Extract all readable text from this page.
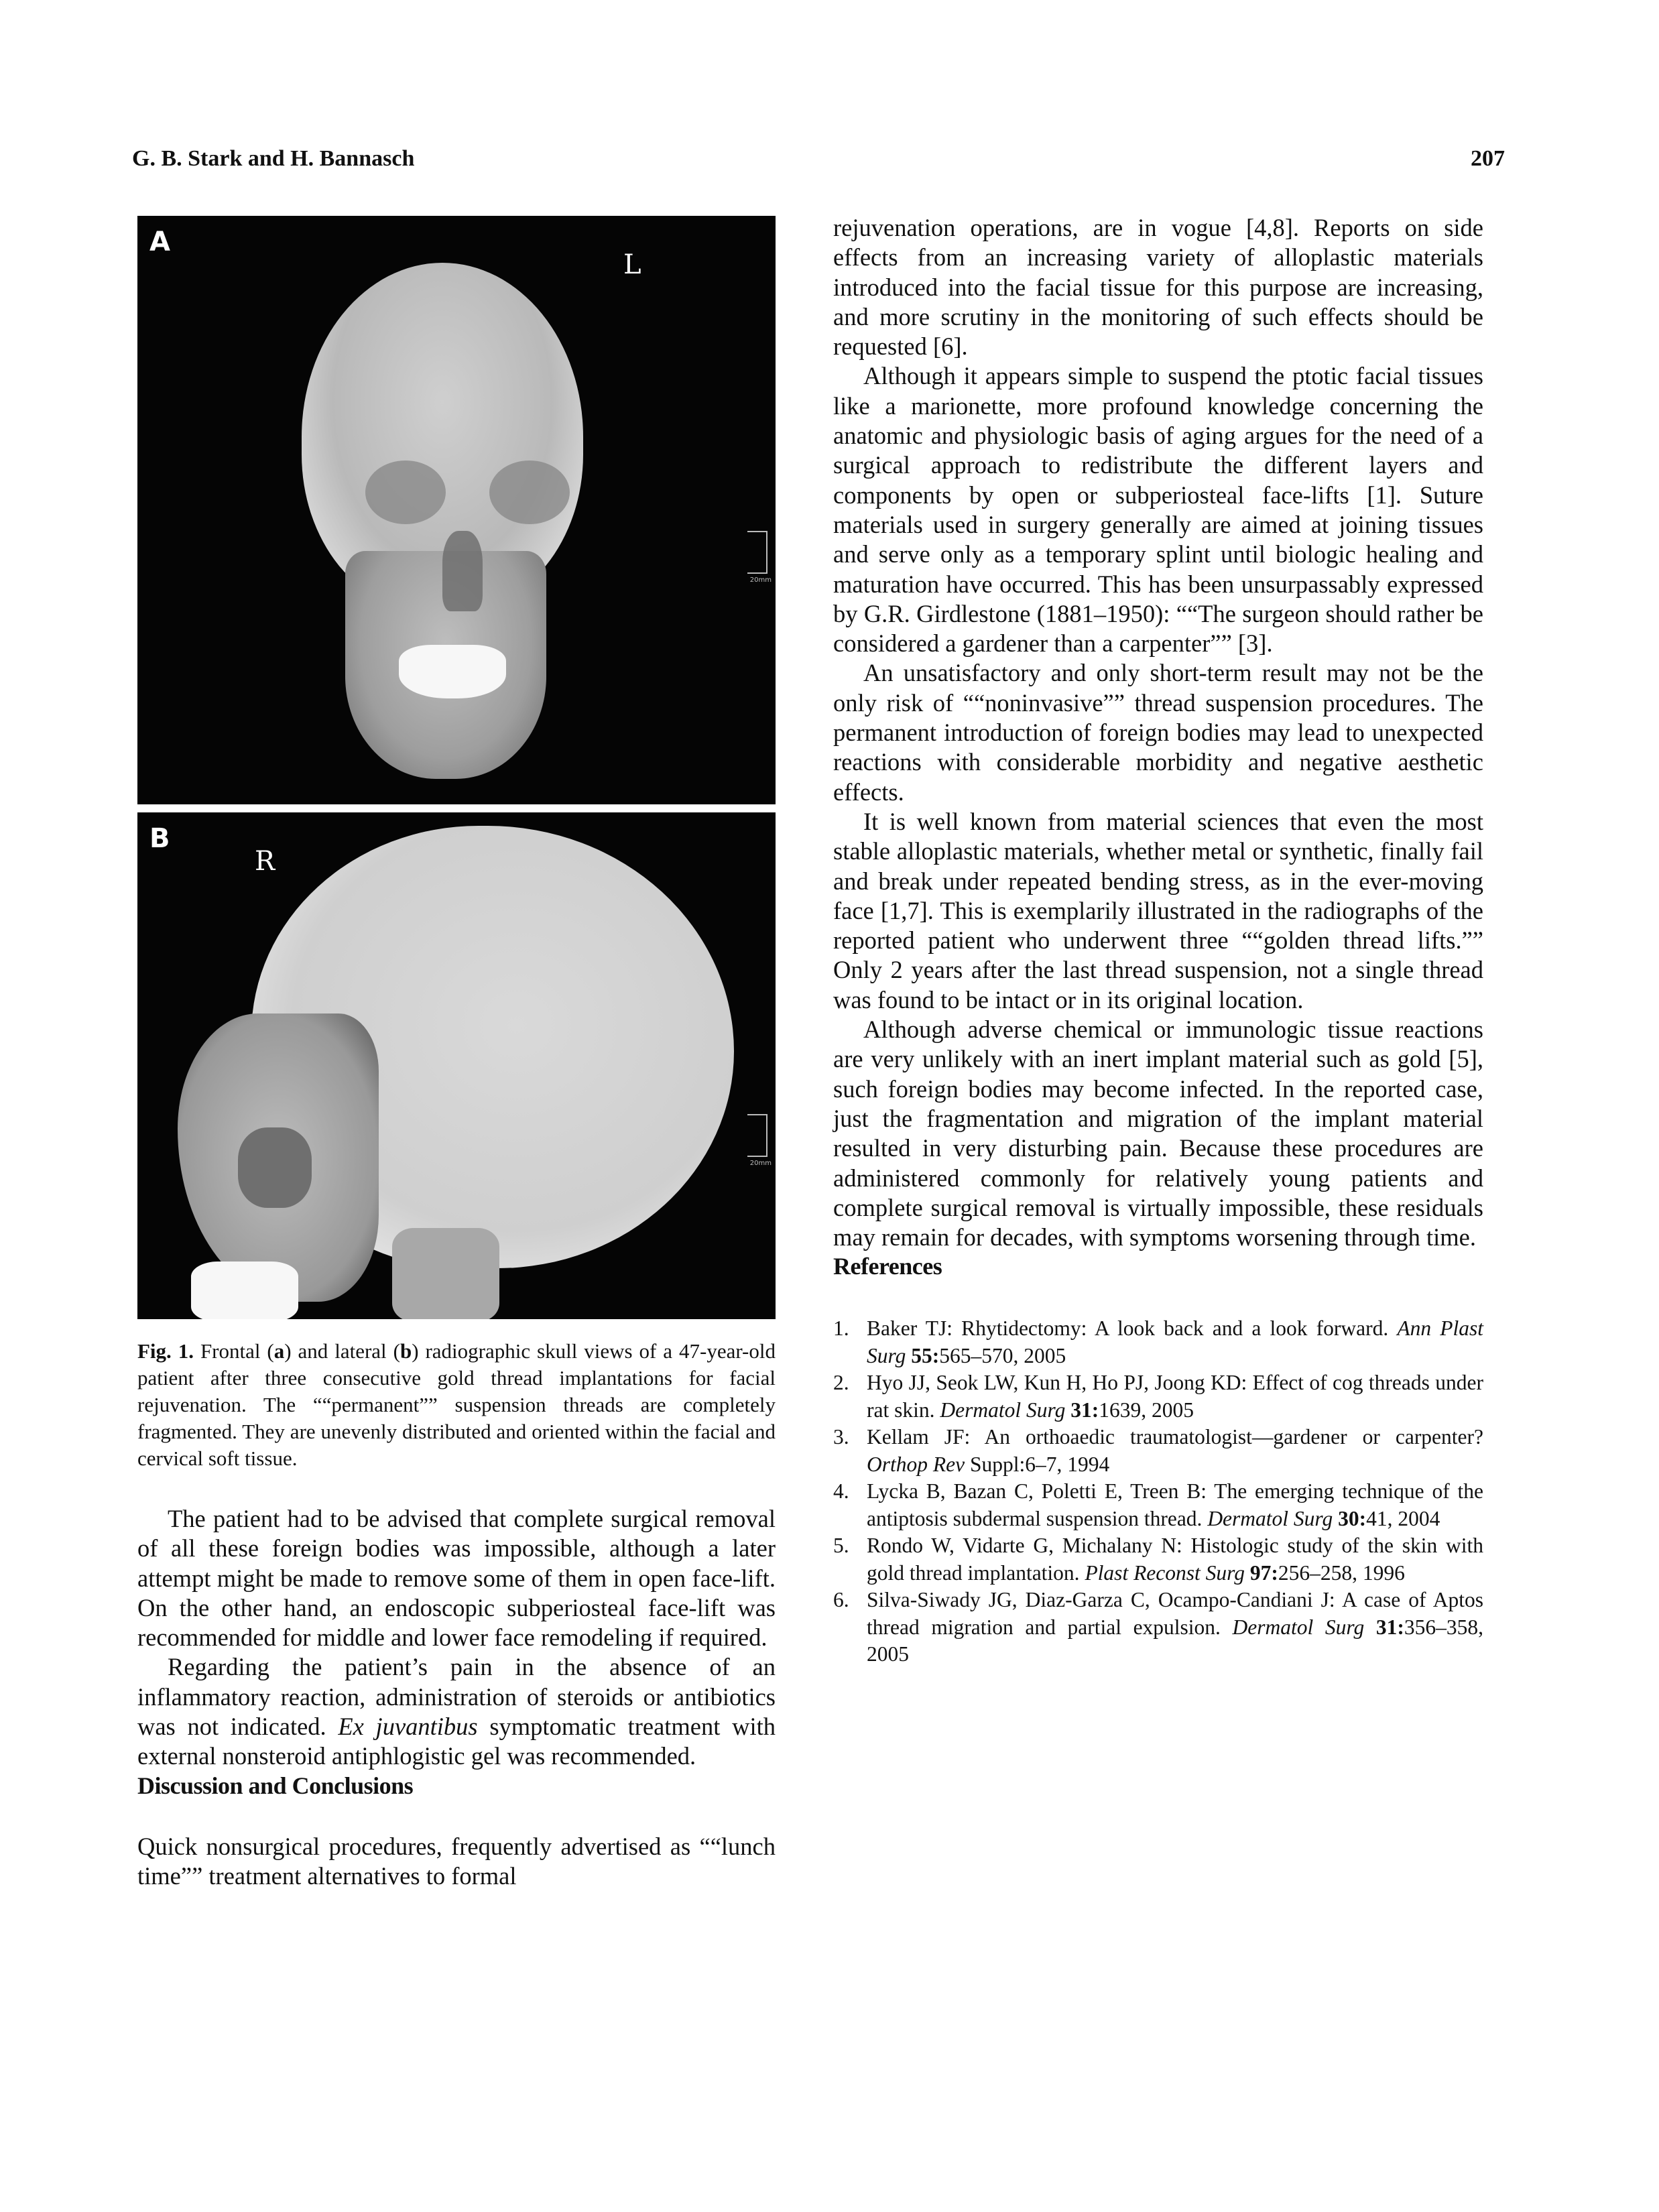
G. B. Stark and H. Bannasch	207
A
L
20mm
B
R
20mm
Fig. 1. Frontal (a) and lateral (b) radiographic skull views of a 47-year-old patient after three consecutive gold thread implantations for facial rejuvenation. The ““permanent”” suspension threads are completely fragmented. They are unevenly distributed and oriented within the facial and cervical soft tissue.

The patient had to be advised that complete surgical removal of all these foreign bodies was impossible, although a later attempt might be made to remove some of them in open face-lift. On the other hand, an endoscopic subperiosteal face-lift was recommended for middle and lower face remodeling if required.

Regarding the patient’s pain in the absence of an inflammatory reaction, administration of steroids or antibiotics was not indicated. Ex juvantibus symptomatic treatment with external nonsteroid antiphlogistic gel was recommended.

Discussion and Conclusions

Quick nonsurgical procedures, frequently advertised as ““lunch time”” treatment alternatives to formal

rejuvenation operations, are in vogue [4,8]. Reports on side effects from an increasing variety of alloplastic materials introduced into the facial tissue for this purpose are increasing, and more scrutiny in the monitoring of such effects should be requested [6].

Although it appears simple to suspend the ptotic facial tissues like a marionette, more profound knowledge concerning the anatomic and physiologic basis of aging argues for the need of a surgical approach to redistribute the different layers and components by open or subperiosteal face-lifts [1]. Suture materials used in surgery generally are aimed at joining tissues and serve only as a temporary splint until biologic healing and maturation have occurred. This has been unsurpassably expressed by G.R. Girdlestone (1881–1950): ““The surgeon should rather be considered a gardener than a carpenter”” [3].

An unsatisfactory and only short-term result may not be the only risk of ““noninvasive”” thread suspension procedures. The permanent introduction of foreign bodies may lead to unexpected reactions with considerable morbidity and negative aesthetic effects.

It is well known from material sciences that even the most stable alloplastic materials, whether metal or synthetic, finally fail and break under repeated bending stress, as in the ever-moving face [1,7]. This is exemplarily illustrated in the radiographs of the reported patient who underwent three ““golden thread lifts.”” Only 2 years after the last thread suspension, not a single thread was found to be intact or in its original location.

Although adverse chemical or immunologic tissue reactions are very unlikely with an inert implant material such as gold [5], such foreign bodies may become infected. In the reported case, just the fragmentation and migration of the implant material resulted in very disturbing pain. Because these procedures are administered commonly for relatively young patients and complete surgical removal is virtually impossible, these residuals may remain for decades, with symptoms worsening through time.

References
1. Baker TJ: Rhytidectomy: A look back and a look forward. Ann Plast Surg 55:565–570, 2005
2. Hyo JJ, Seok LW, Kun H, Ho PJ, Joong KD: Effect of cog threads under rat skin. Dermatol Surg 31:1639, 2005
3. Kellam JF: An orthoaedic traumatologist—gardener or carpenter? Orthop Rev Suppl:6–7, 1994
4. Lycka B, Bazan C, Poletti E, Treen B: The emerging technique of the antiptosis subdermal suspension thread. Dermatol Surg 30:41, 2004
5. Rondo W, Vidarte G, Michalany N: Histologic study of the skin with gold thread implantation. Plast Reconst Surg 97:256–258, 1996
6. Silva-Siwady JG, Diaz-Garza C, Ocampo-Candiani J: A case of Aptos thread migration and partial expulsion. Dermatol Surg 31:356–358, 2005
